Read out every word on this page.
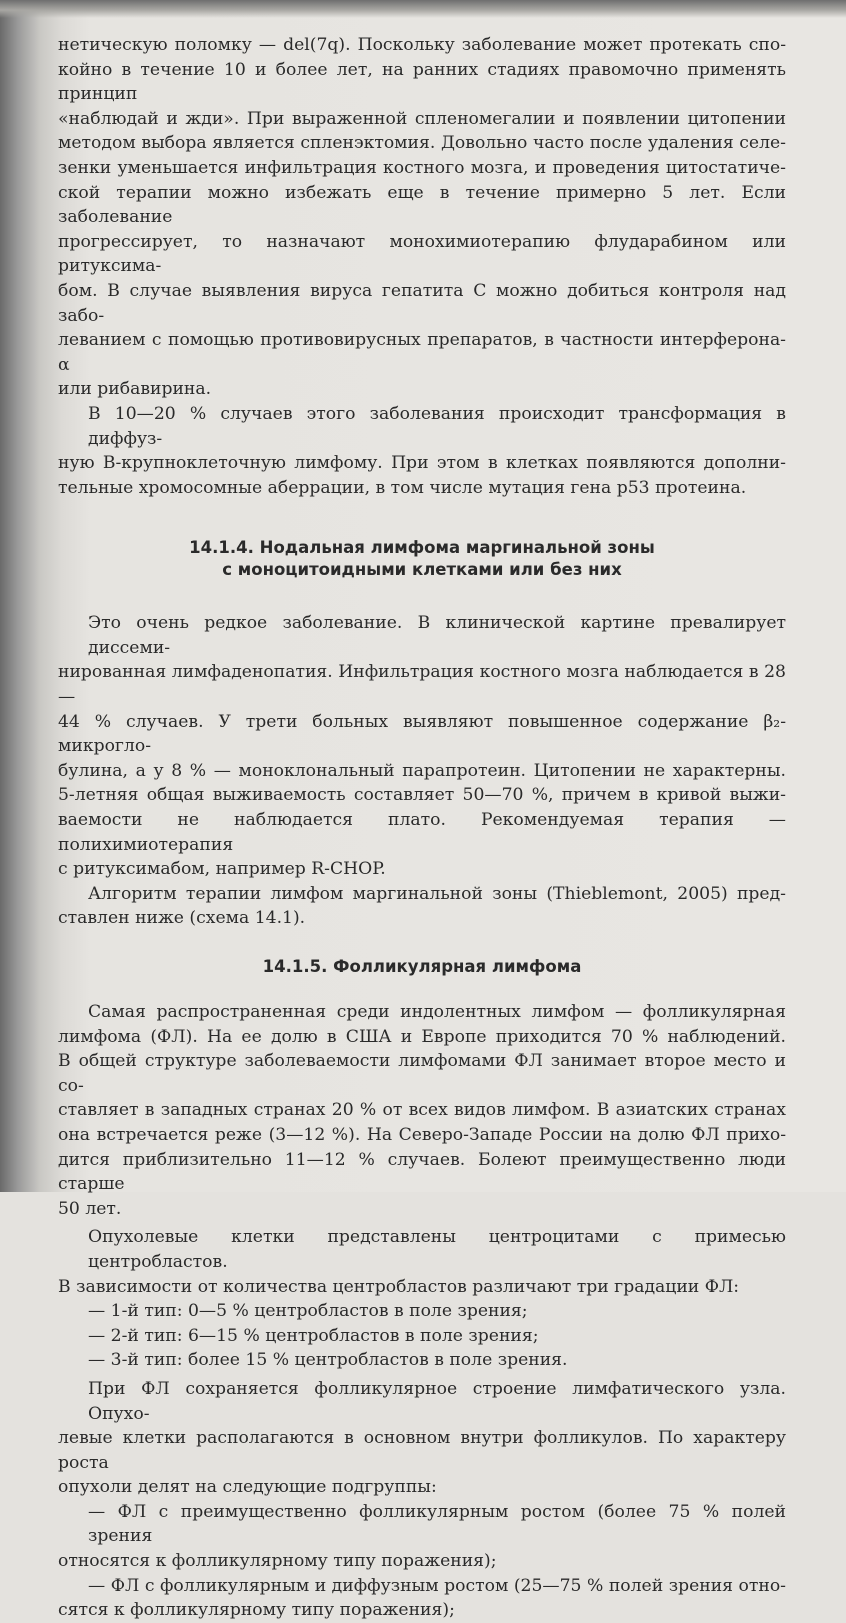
нетическую поломку — del(7q). Поскольку заболевание может протекать спо-
койно в течение 10 и более лет, на ранних стадиях правомочно применять принцип
«наблюдай и жди». При выраженной спленомегалии и появлении цитопении
методом выбора является спленэктомия. Довольно часто после удаления селе-
зенки уменьшается инфильтрация костного мозга, и проведения цитостатиче-
ской терапии можно избежать еще в течение примерно 5 лет. Если заболевание
прогрессирует, то назначают монохимиотерапию флударабином или ритуксима-
бом. В случае выявления вируса гепатита С можно добиться контроля над забо-
леванием с помощью противовирусных препаратов, в частности интерферона-α
или рибавирина.
В 10—20 % случаев этого заболевания происходит трансформация в диффуз-
ную В-крупноклеточную лимфому. При этом в клетках появляются дополни-
тельные хромосомные аберрации, в том числе мутация гена p53 протеина.
14.1.4. Нодальная лимфома маргинальной зоны
с моноцитоидными клетками или без них
Это очень редкое заболевание. В клинической картине превалирует диссеми-
нированная лимфаденопатия. Инфильтрация костного мозга наблюдается в 28—
44 % случаев. У трети больных выявляют повышенное содержание β₂-микрогло-
булина, а у 8 % — моноклональный парапротеин. Цитопении не характерны.
5-летняя общая выживаемость составляет 50—70 %, причем в кривой выжи-
ваемости не наблюдается плато. Рекомендуемая терапия — полихимиотерапия
с ритуксимабом, например R-CHOP.
Алгоритм терапии лимфом маргинальной зоны (Thieblemont, 2005) пред-
ставлен ниже (схема 14.1).
14.1.5. Фолликулярная лимфома
Самая распространенная среди индолентных лимфом — фолликулярная
лимфома (ФЛ). На ее долю в США и Европе приходится 70 % наблюдений.
В общей структуре заболеваемости лимфомами ФЛ занимает второе место и со-
ставляет в западных странах 20 % от всех видов лимфом. В азиатских странах
она встречается реже (3—12 %). На Северо-Западе России на долю ФЛ прихо-
дится приблизительно 11—12 % случаев. Болеют преимущественно люди старше
50 лет.
Опухолевые клетки представлены центроцитами с примесью центробластов.
В зависимости от количества центробластов различают три градации ФЛ:
— 1-й тип: 0—5 % центробластов в поле зрения;
— 2-й тип: 6—15 % центробластов в поле зрения;
— 3-й тип: более 15 % центробластов в поле зрения.
При ФЛ сохраняется фолликулярное строение лимфатического узла. Опухо-
левые клетки располагаются в основном внутри фолликулов. По характеру роста
опухоли делят на следующие подгруппы:
— ФЛ с преимущественно фолликулярным ростом (более 75 % полей зрения
относятся к фолликулярному типу поражения);
— ФЛ с фолликулярным и диффузным ростом (25—75 % полей зрения отно-
сятся к фолликулярному типу поражения);
